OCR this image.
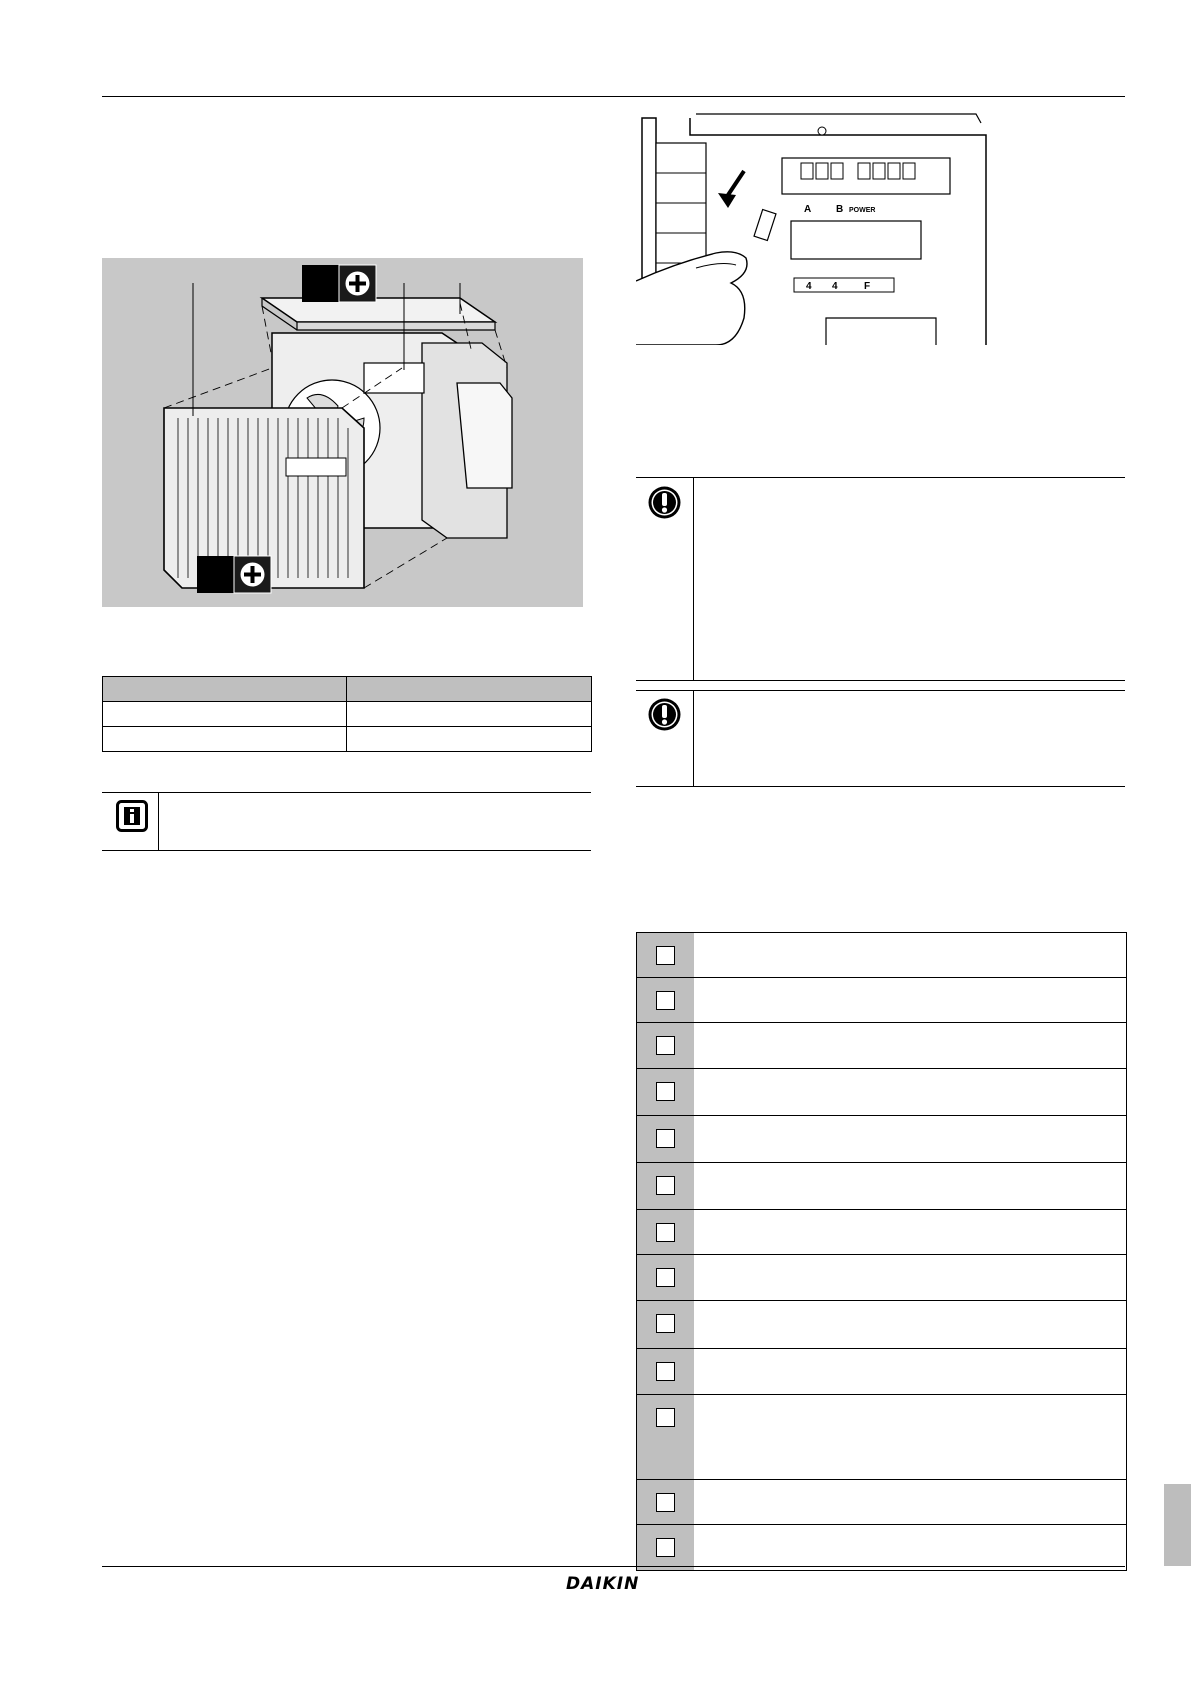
A B POWER
4 4	F
DAIKIN
